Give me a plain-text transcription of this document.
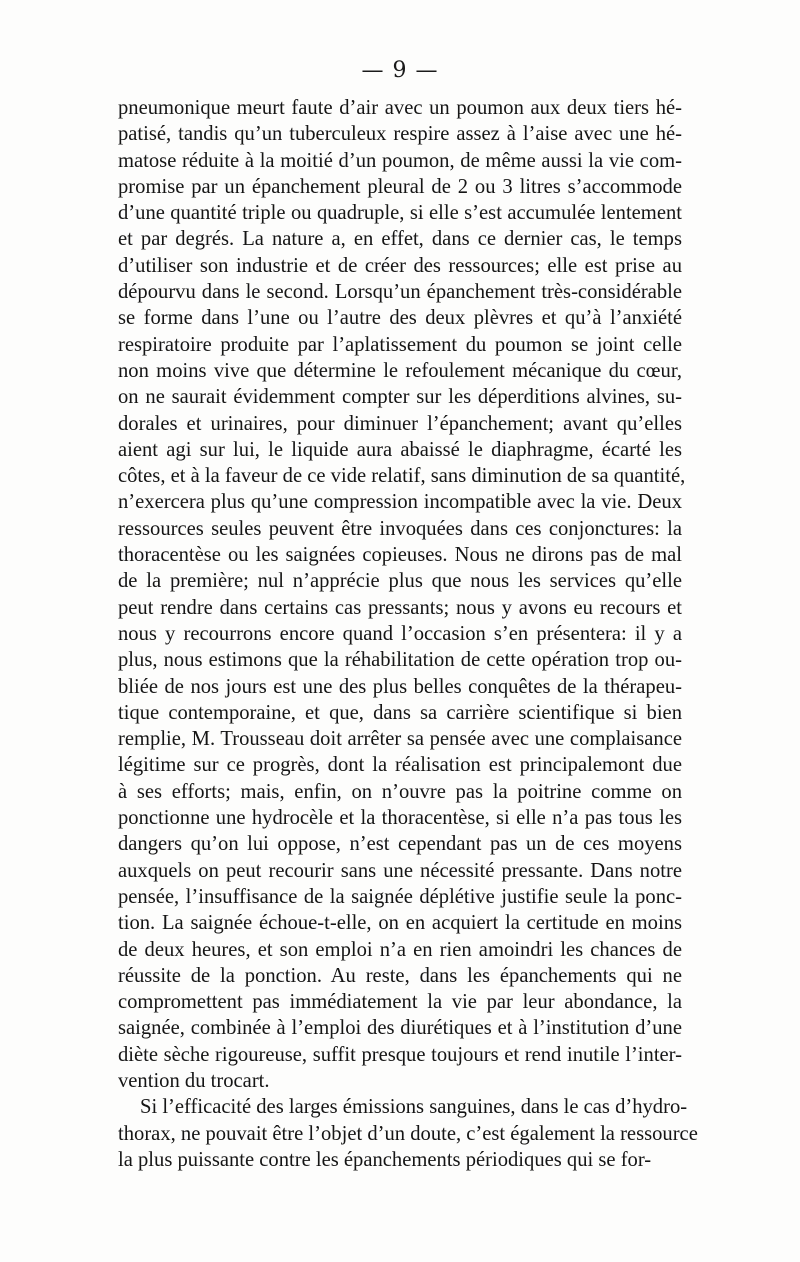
— 9 —
pneumonique meurt faute d’air avec un poumon aux deux tiers hé-
patisé, tandis qu’un tuberculeux respire assez à l’aise avec une hé-
matose réduite à la moitié d’un poumon, de même aussi la vie com-
promise par un épanchement pleural de 2 ou 3 litres s’accommode
d’une quantité triple ou quadruple, si elle s’est accumulée lentement
et par degrés. La nature a, en effet, dans ce dernier cas, le temps
d’utiliser son industrie et de créer des ressources; elle est prise au
dépourvu dans le second. Lorsqu’un épanchement très-considérable
se forme dans l’une ou l’autre des deux plèvres et qu’à l’anxiété
respiratoire produite par l’aplatissement du poumon se joint celle
non moins vive que détermine le refoulement mécanique du cœur,
on ne saurait évidemment compter sur les déperditions alvines, su-
dorales et urinaires, pour diminuer l’épanchement; avant qu’elles
aient agi sur lui, le liquide aura abaissé le diaphragme, écarté les
côtes, et à la faveur de ce vide relatif, sans diminution de sa quantité,
n’exercera plus qu’une compression incompatible avec la vie. Deux
ressources seules peuvent être invoquées dans ces conjonctures: la
thoracentèse ou les saignées copieuses. Nous ne dirons pas de mal
de la première; nul n’apprécie plus que nous les services qu’elle
peut rendre dans certains cas pressants; nous y avons eu recours et
nous y recourrons encore quand l’occasion s’en présentera: il y a
plus, nous estimons que la réhabilitation de cette opération trop ou-
bliée de nos jours est une des plus belles conquêtes de la thérapeu-
tique contemporaine, et que, dans sa carrière scientifique si bien
remplie, M. Trousseau doit arrêter sa pensée avec une complaisance
légitime sur ce progrès, dont la réalisation est principalemont due
à ses efforts; mais, enfin, on n’ouvre pas la poitrine comme on
ponctionne une hydrocèle et la thoracentèse, si elle n’a pas tous les
dangers qu’on lui oppose, n’est cependant pas un de ces moyens
auxquels on peut recourir sans une nécessité pressante. Dans notre
pensée, l’insuffisance de la saignée déplétive justifie seule la ponc-
tion. La saignée échoue-t-elle, on en acquiert la certitude en moins
de deux heures, et son emploi n’a en rien amoindri les chances de
réussite de la ponction. Au reste, dans les épanchements qui ne
compromettent pas immédiatement la vie par leur abondance, la
saignée, combinée à l’emploi des diurétiques et à l’institution d’une
diète sèche rigoureuse, suffit presque toujours et rend inutile l’inter-
vention du trocart.
Si l’efficacité des larges émissions sanguines, dans le cas d’hydro-
thorax, ne pouvait être l’objet d’un doute, c’est également la ressource
la plus puissante contre les épanchements périodiques qui se for-
